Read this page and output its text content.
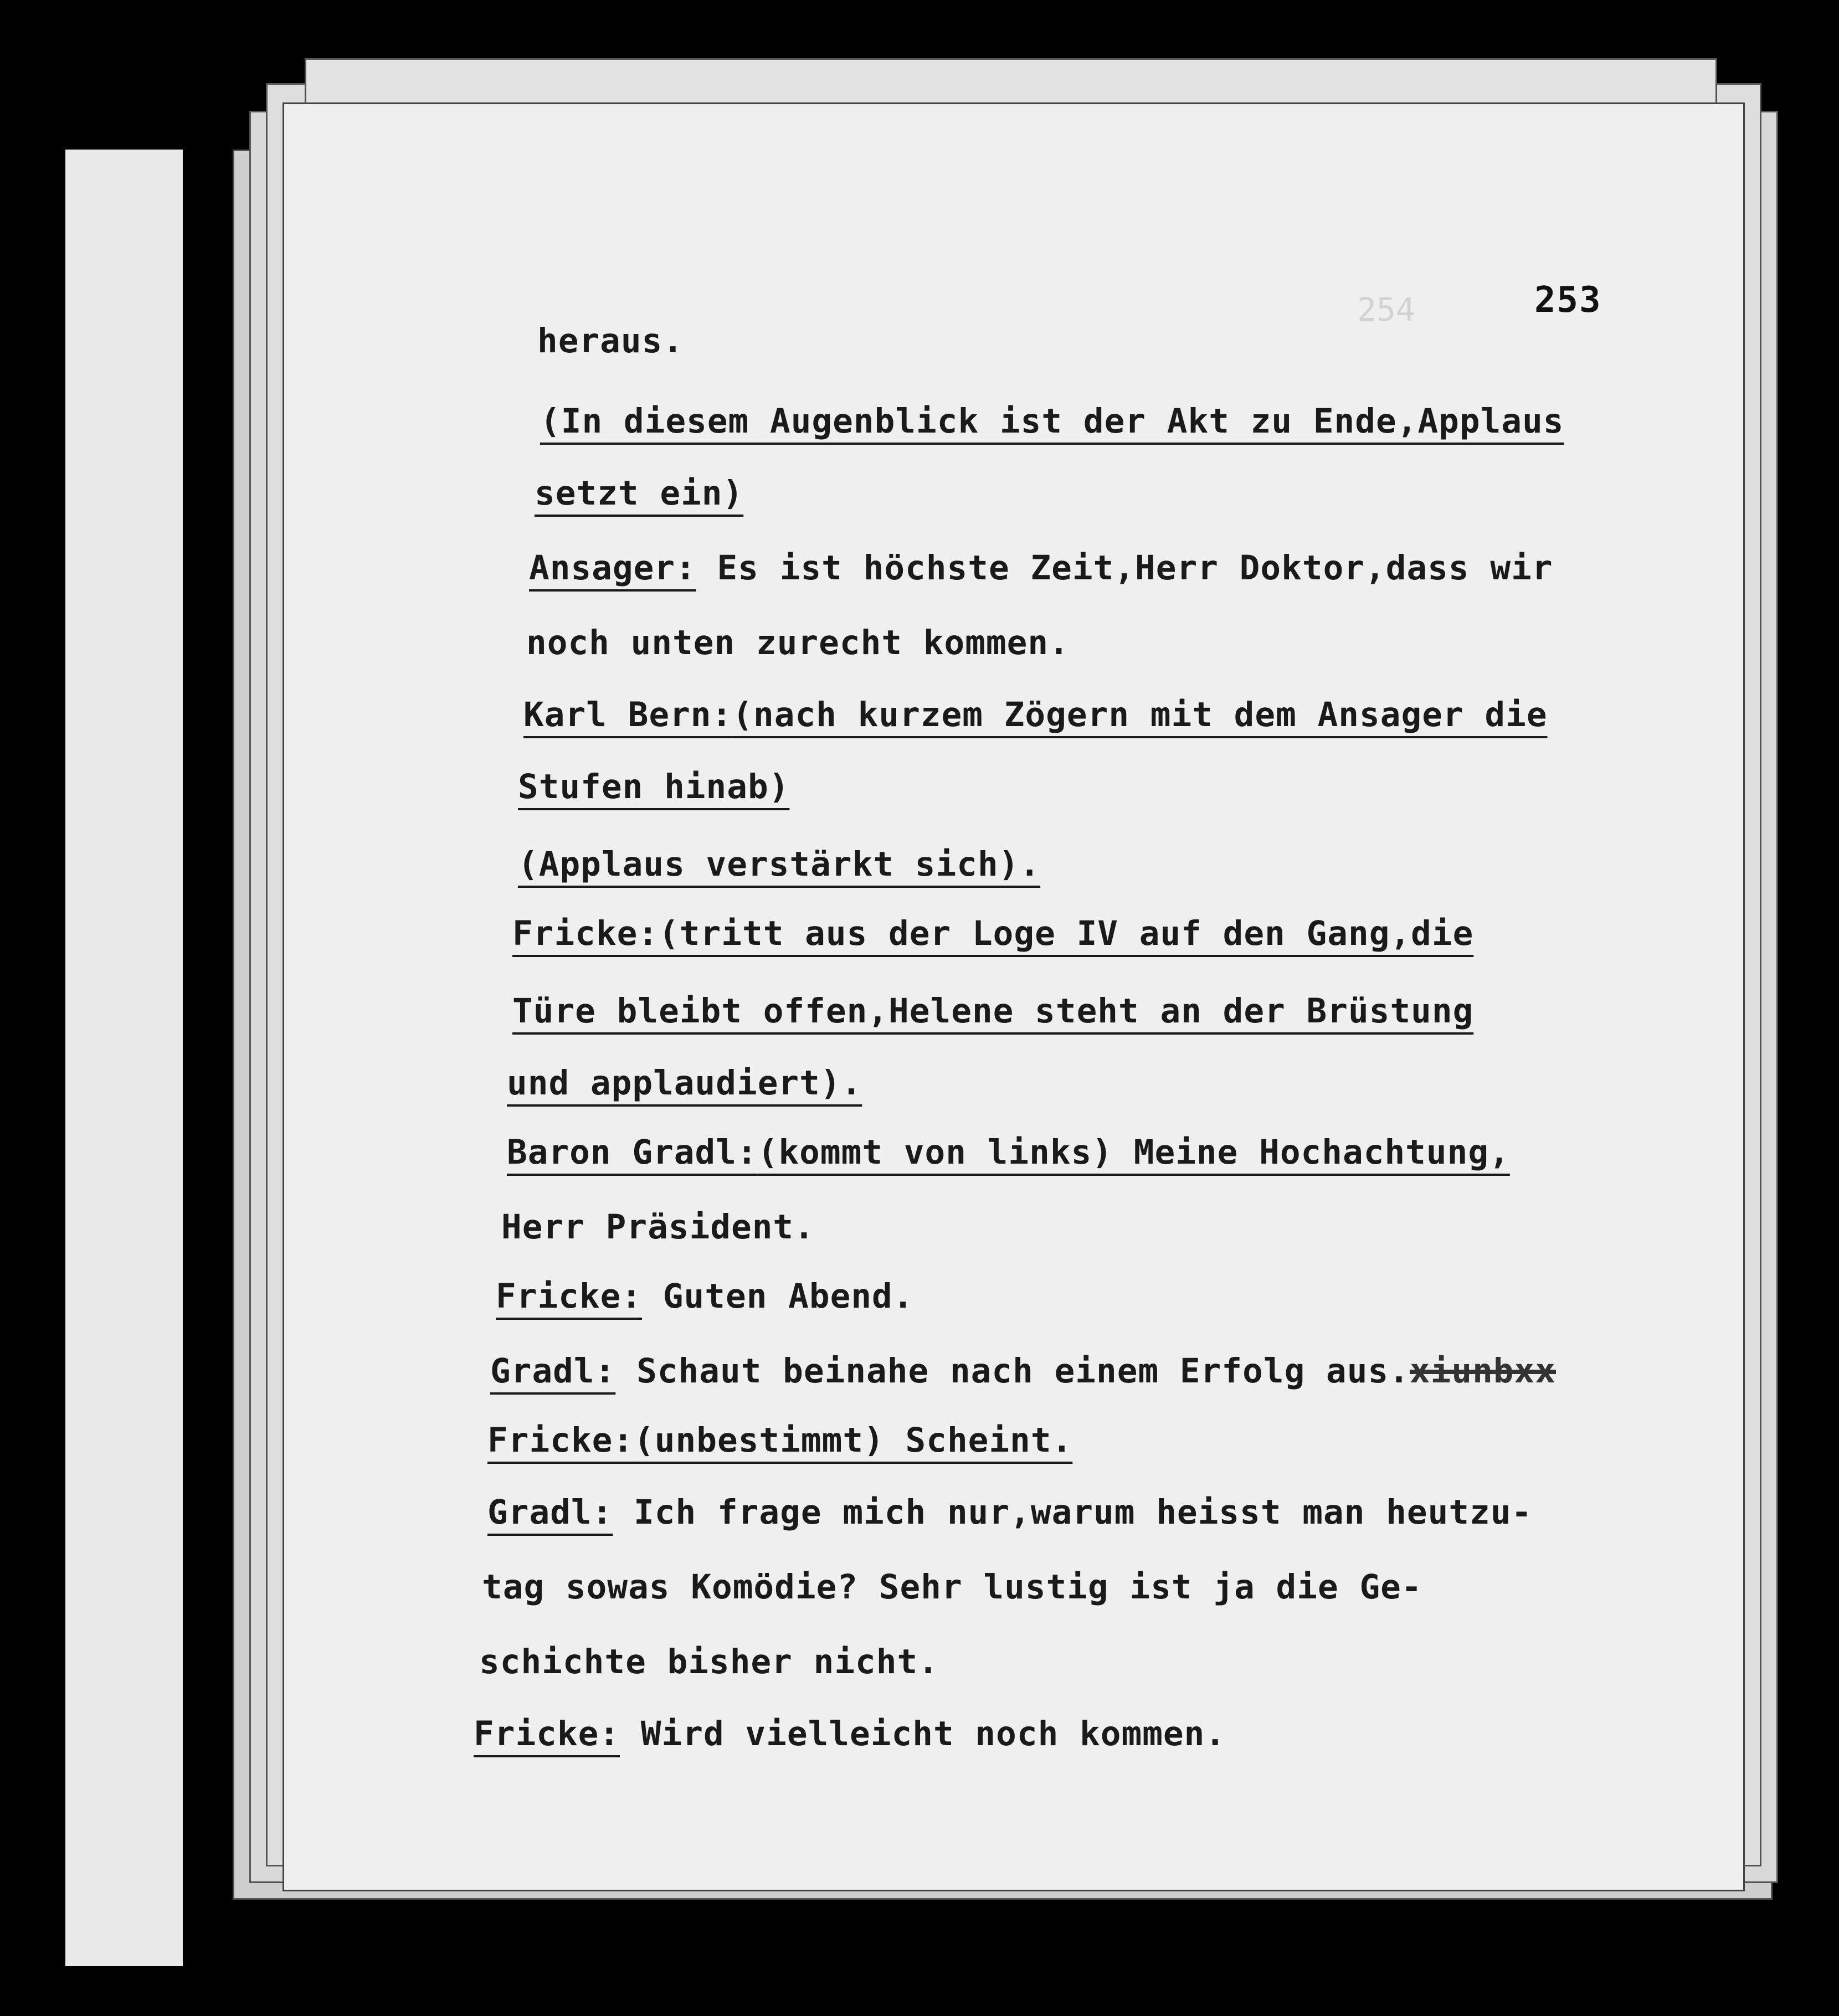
254	253
heraus.
(In diesem Augenblick ist der Akt zu Ende,Applaus
setzt ein)
Ansager: Es ist höchste Zeit,Herr Doktor,dass wir
noch unten zurecht kommen.
Karl Bern:(nach kurzem Zögern mit dem Ansager die
Stufen hinab)
(Applaus verstärkt sich).
Fricke:(tritt aus der Loge IV auf den Gang,die
Türe bleibt offen,Helene steht an der Brüstung
und applaudiert).
Baron Gradl:(kommt von links) Meine Hochachtung,
Herr Präsident.
Fricke: Guten Abend.
Gradl: Schaut beinahe nach einem Erfolg aus.xiunbxx
Fricke:(unbestimmt) Scheint.
Gradl: Ich frage mich nur,warum heisst man heutzu-
tag sowas Komödie? Sehr lustig ist ja die Ge-
schichte bisher nicht.
Fricke: Wird vielleicht noch kommen.
